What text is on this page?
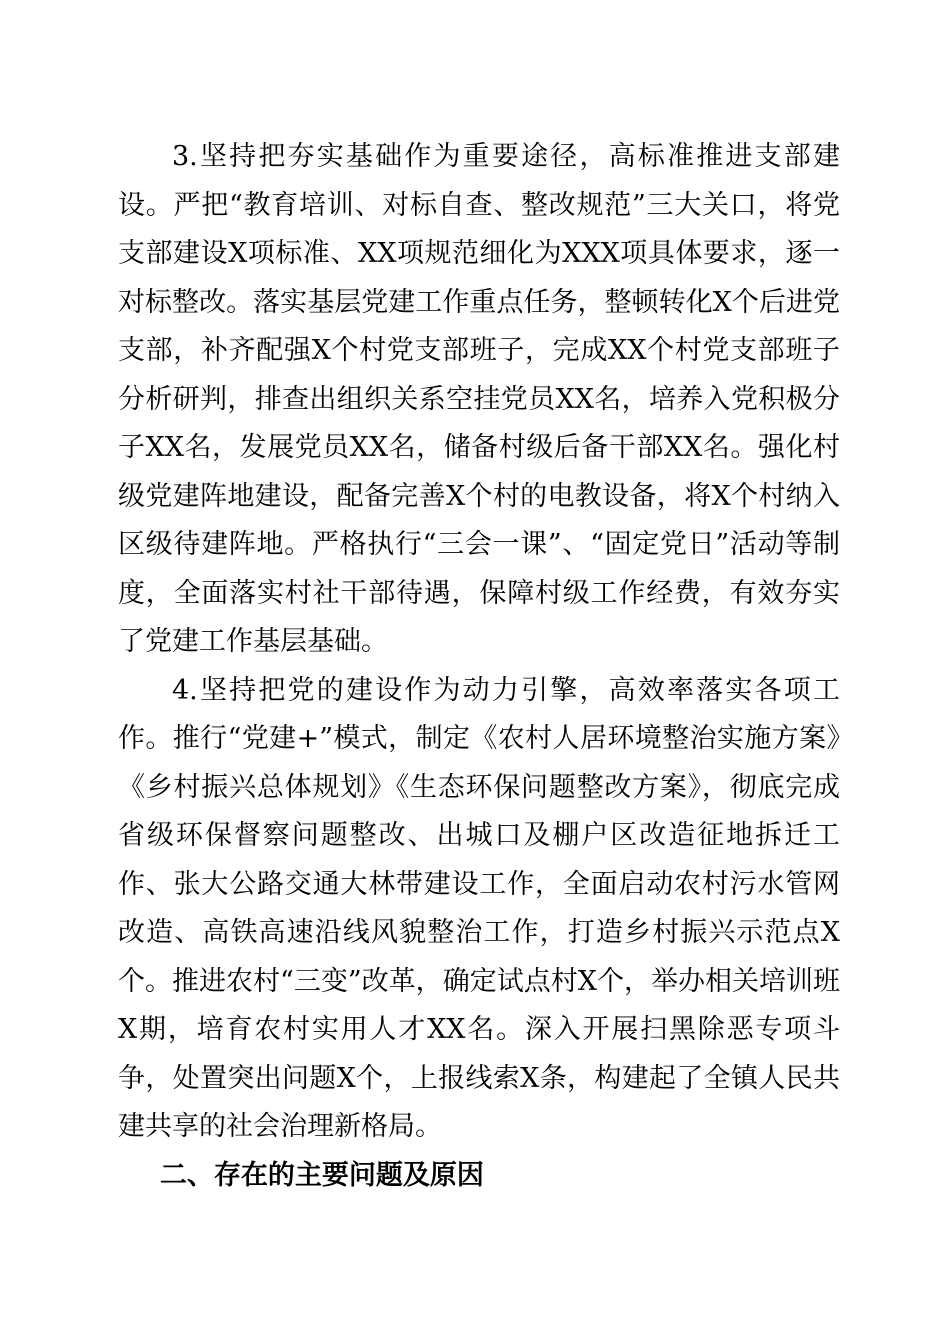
3.坚持把夯实基础作为重要途径，高标准推进支部建设。严把“教育培训、对标自查、整改规范”三大关口，将党支部建设X项标准、XX项规范细化为XXX项具体要求，逐一对标整改。落实基层党建工作重点任务，整顿转化X个后进党支部，补齐配强X个村党支部班子，完成XX个村党支部班子分析研判，排查出组织关系空挂党员XX名，培养入党积极分子XX名，发展党员XX名，储备村级后备干部XX名。强化村级党建阵地建设，配备完善X个村的电教设备，将X个村纳入区级待建阵地。严格执行“三会一课”、“固定党日”活动等制度，全面落实村社干部待遇，保障村级工作经费，有效夯实了党建工作基层基础。

4.坚持把党的建设作为动力引擎，高效率落实各项工作。推行“党建+”模式，制定《农村人居环境整治实施方案》《乡村振兴总体规划》《生态环保问题整改方案》，彻底完成省级环保督察问题整改、出城口及棚户区改造征地拆迁工作、张大公路交通大林带建设工作，全面启动农村污水管网改造、高铁高速沿线风貌整治工作，打造乡村振兴示范点X个。推进农村“三变”改革，确定试点村X个，举办相关培训班X期，培育农村实用人才XX名。深入开展扫黑除恶专项斗争，处置突出问题X个，上报线索X条，构建起了全镇人民共建共享的社会治理新格局。

二、存在的主要问题及原因
